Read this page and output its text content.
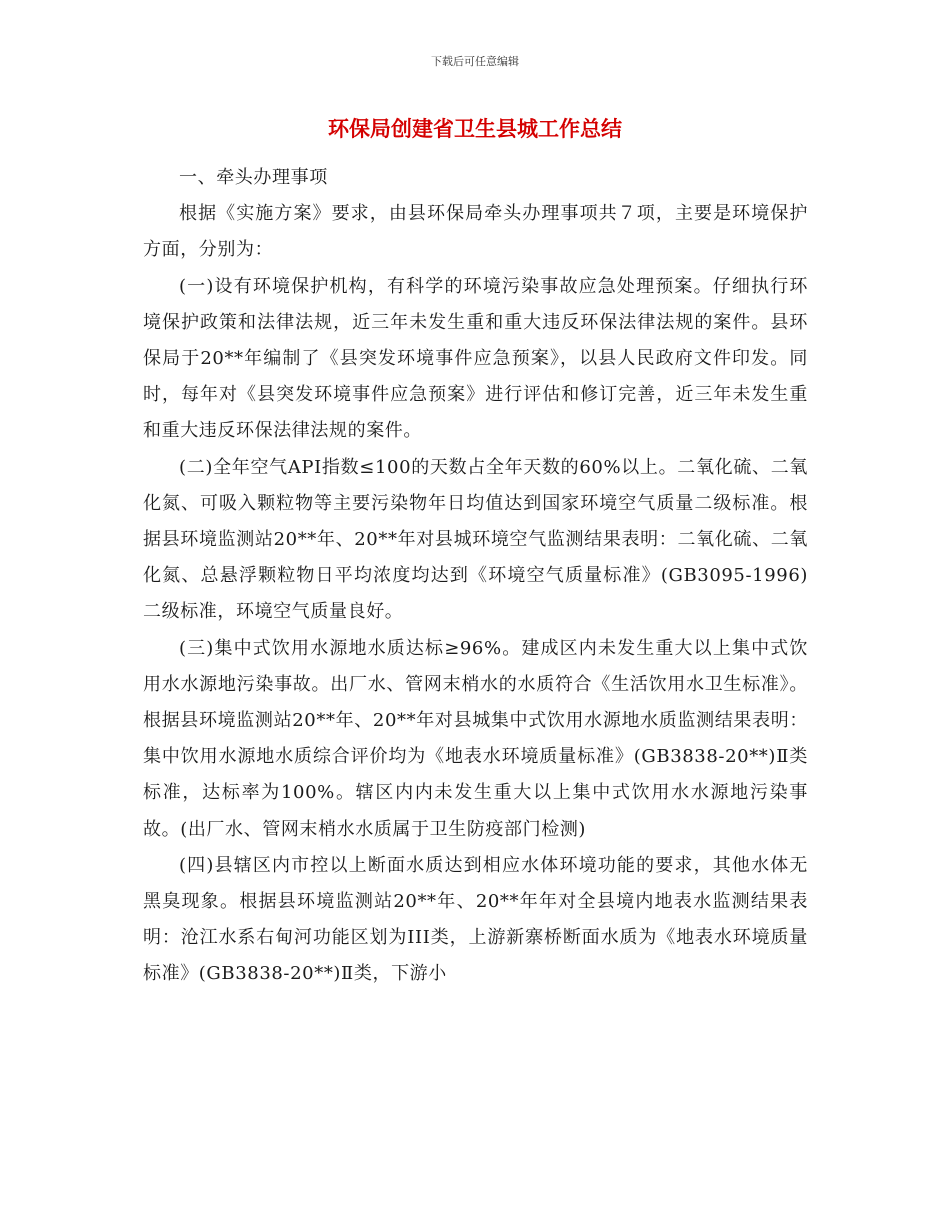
下载后可任意编辑
环保局创建省卫生县城工作总结

一、牵头办理事项

根据《实施方案》要求，由县环保局牵头办理事项共７项，主要是环境保护方面，分别为：

(一)设有环境保护机构，有科学的环境污染事故应急处理预案。仔细执行环境保护政策和法律法规，近三年未发生重和重大违反环保法律法规的案件。县环保局于20**年编制了《县突发环境事件应急预案》，以县人民政府文件印发。同时，每年对《县突发环境事件应急预案》进行评估和修订完善，近三年未发生重和重大违反环保法律法规的案件。

(二)全年空气API指数≤100的天数占全年天数的60%以上。二氧化硫、二氧化氮、可吸入颗粒物等主要污染物年日均值达到国家环境空气质量二级标准。根据县环境监测站20**年、20**年对县城环境空气监测结果表明：二氧化硫、二氧化氮、总悬浮颗粒物日平均浓度均达到《环境空气质量标准》(GB3095-1996)二级标准，环境空气质量良好。

(三)集中式饮用水源地水质达标≥96%。建成区内未发生重大以上集中式饮用水水源地污染事故。出厂水、管网末梢水的水质符合《生活饮用水卫生标准》。根据县环境监测站20**年、20**年对县城集中式饮用水源地水质监测结果表明：集中饮用水源地水质综合评价均为《地表水环境质量标准》(GB3838-20**)Ⅱ类标准，达标率为100%。辖区内内未发生重大以上集中式饮用水水源地污染事故。(出厂水、管网末梢水水质属于卫生防疫部门检测)

(四)县辖区内市控以上断面水质达到相应水体环境功能的要求，其他水体无黑臭现象。根据县环境监测站20**年、20**年年对全县境内地表水监测结果表明：沧江水系右甸河功能区划为III类，上游新寨桥断面水质为《地表水环境质量标准》(GB3838-20**)Ⅱ类，下游小
